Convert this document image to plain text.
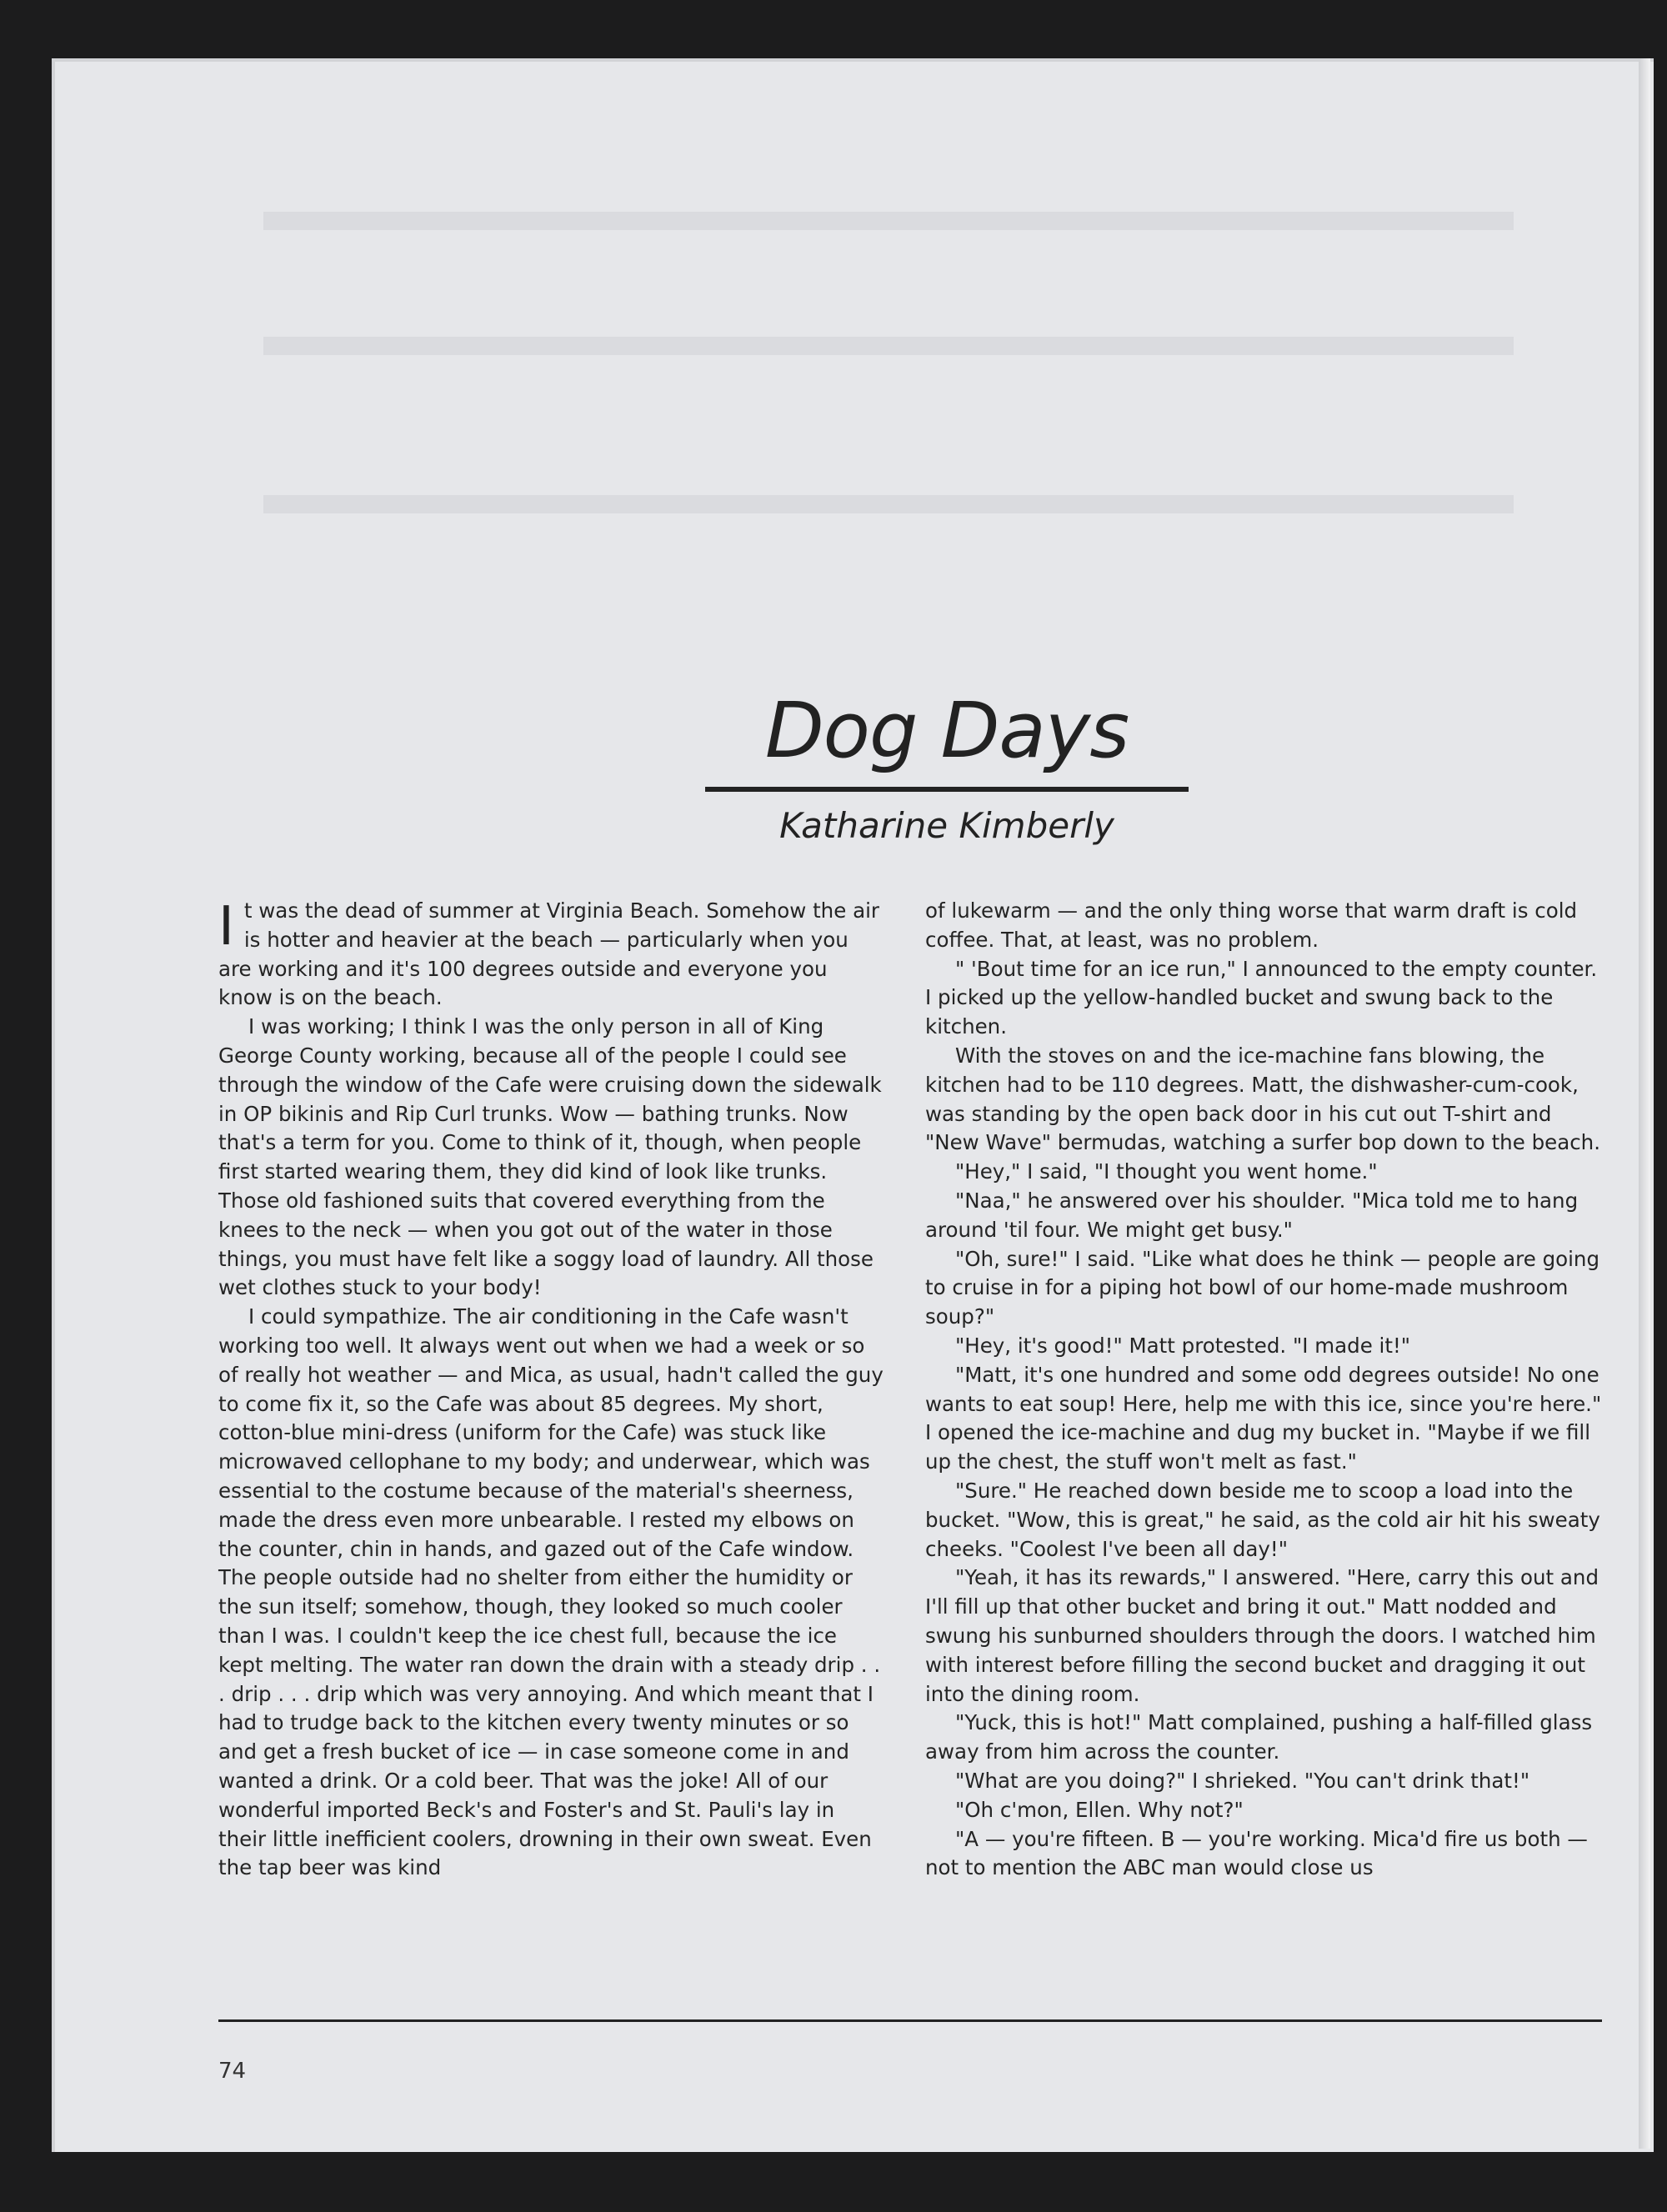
Dog Days
Katharine Kimberly

It was the dead of summer at Virginia Beach. Somehow the air is hotter and heavier at the beach — particularly when you are working and it's 100 degrees outside and everyone you know is on the beach.

I was working; I think I was the only person in all of King George County working, because all of the people I could see through the window of the Cafe were cruising down the sidewalk in OP bikinis and Rip Curl trunks. Wow — bathing trunks. Now that's a term for you. Come to think of it, though, when people first started wearing them, they did kind of look like trunks. Those old fashioned suits that covered everything from the knees to the neck — when you got out of the water in those things, you must have felt like a soggy load of laundry. All those wet clothes stuck to your body!

I could sympathize. The air conditioning in the Cafe wasn't working too well. It always went out when we had a week or so of really hot weather — and Mica, as usual, hadn't called the guy to come fix it, so the Cafe was about 85 degrees. My short, cotton-blue mini-dress (uniform for the Cafe) was stuck like microwaved cellophane to my body; and underwear, which was essential to the costume because of the material's sheerness, made the dress even more unbearable. I rested my elbows on the counter, chin in hands, and gazed out of the Cafe window. The people outside had no shelter from either the humidity or the sun itself; somehow, though, they looked so much cooler than I was. I couldn't keep the ice chest full, because the ice kept melting. The water ran down the drain with a steady drip . . . drip . . . drip which was very annoying. And which meant that I had to trudge back to the kitchen every twenty minutes or so and get a fresh bucket of ice — in case someone come in and wanted a drink. Or a cold beer. That was the joke! All of our wonderful imported Beck's and Foster's and St. Pauli's lay in their little inefficient coolers, drowning in their own sweat. Even the tap beer was kind

of lukewarm — and the only thing worse that warm draft is cold coffee. That, at least, was no problem.

" 'Bout time for an ice run," I announced to the empty counter. I picked up the yellow-handled bucket and swung back to the kitchen.

With the stoves on and the ice-machine fans blowing, the kitchen had to be 110 degrees. Matt, the dishwasher-cum-cook, was standing by the open back door in his cut out T-shirt and "New Wave" bermudas, watching a surfer bop down to the beach.

"Hey," I said, "I thought you went home."

"Naa," he answered over his shoulder. "Mica told me to hang around 'til four. We might get busy."

"Oh, sure!" I said. "Like what does he think — people are going to cruise in for a piping hot bowl of our home-made mushroom soup?"

"Hey, it's good!" Matt protested. "I made it!"

"Matt, it's one hundred and some odd degrees outside! No one wants to eat soup! Here, help me with this ice, since you're here." I opened the ice-machine and dug my bucket in. "Maybe if we fill up the chest, the stuff won't melt as fast."

"Sure." He reached down beside me to scoop a load into the bucket. "Wow, this is great," he said, as the cold air hit his sweaty cheeks. "Coolest I've been all day!"

"Yeah, it has its rewards," I answered. "Here, carry this out and I'll fill up that other bucket and bring it out." Matt nodded and swung his sunburned shoulders through the doors. I watched him with interest before filling the second bucket and dragging it out into the dining room.

"Yuck, this is hot!" Matt complained, pushing a half-filled glass away from him across the counter.

"What are you doing?" I shrieked. "You can't drink that!"

"Oh c'mon, Ellen. Why not?"

"A — you're fifteen. B — you're working. Mica'd fire us both — not to mention the ABC man would close us

74
